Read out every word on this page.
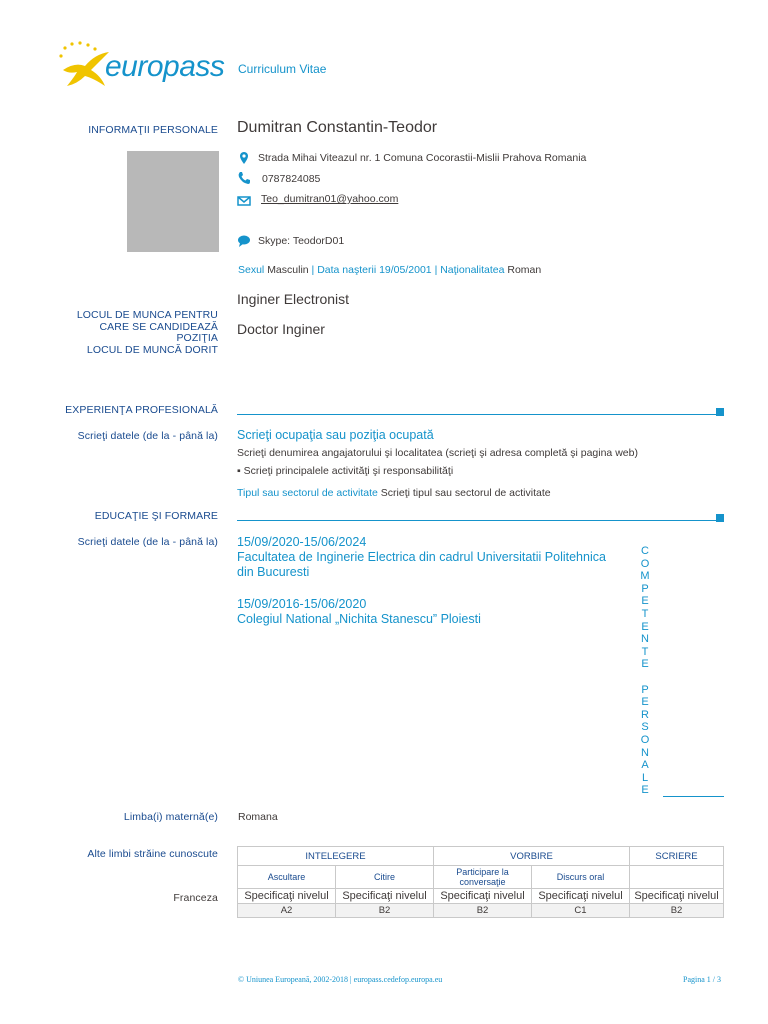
europass Curriculum Vitae
INFORMAŢII PERSONALE Dumitran Constantin-Teodor
Strada Mihai Viteazul nr. 1 Comuna Cocorastii-Mislii Prahova Romania
0787824085
Teo_dumitran01@yahoo.com
Skype: TeodorD01
Sexul Masculin | Data naşterii 19/05/2001 | Naţionalitatea Roman
LOCUL DE MUNCA PENTRU
CARE SE CANDIDEAZĂ
POZIŢIA
LOCUL DE MUNCĂ DORIT
Inginer Electronist
Doctor Inginer
EXPERIENŢA PROFESIONALĂ
Scrieţi datele (de la - până la) Scrieţi ocupaţia sau poziţia ocupată
Scrieţi denumirea angajatorului şi localitatea (scrieţi şi adresa completă şi pagina web)
▪ Scrieţi principalele activităţi şi responsabilităţi
Tipul sau sectorul de activitate Scrieţi tipul sau sectorul de activitate
EDUCAŢIE ŞI FORMARE
Scrieţi datele (de la - până la) 15/09/2020-15/06/2024
Facultatea de Inginerie Electrica din cadrul Universitatii Politehnica
din Bucuresti
15/09/2016-15/06/2020
Colegiul National „Nichita Stanescu” Ploiesti
C
O
M
P
E
T
E
N
T
E

P
E
R
S
O
N
A
L
E
Limba(i) maternă(e) Romana
Alte limbi străine cunoscute
Franceza
INTELEGERE		VORBIRE		SCRIERE
Ascultare	Citire	Participare la conversaţie	Discurs oral	
Specificaţi nivelul	Specificaţi nivelul	Specificaţi nivelul	Specificaţi nivelul	Specificaţi nivelul
A2	B2	B2	C1	B2
© Uniunea Europeană, 2002-2018 | europass.cedefop.europa.eu	Pagina 1 / 3
